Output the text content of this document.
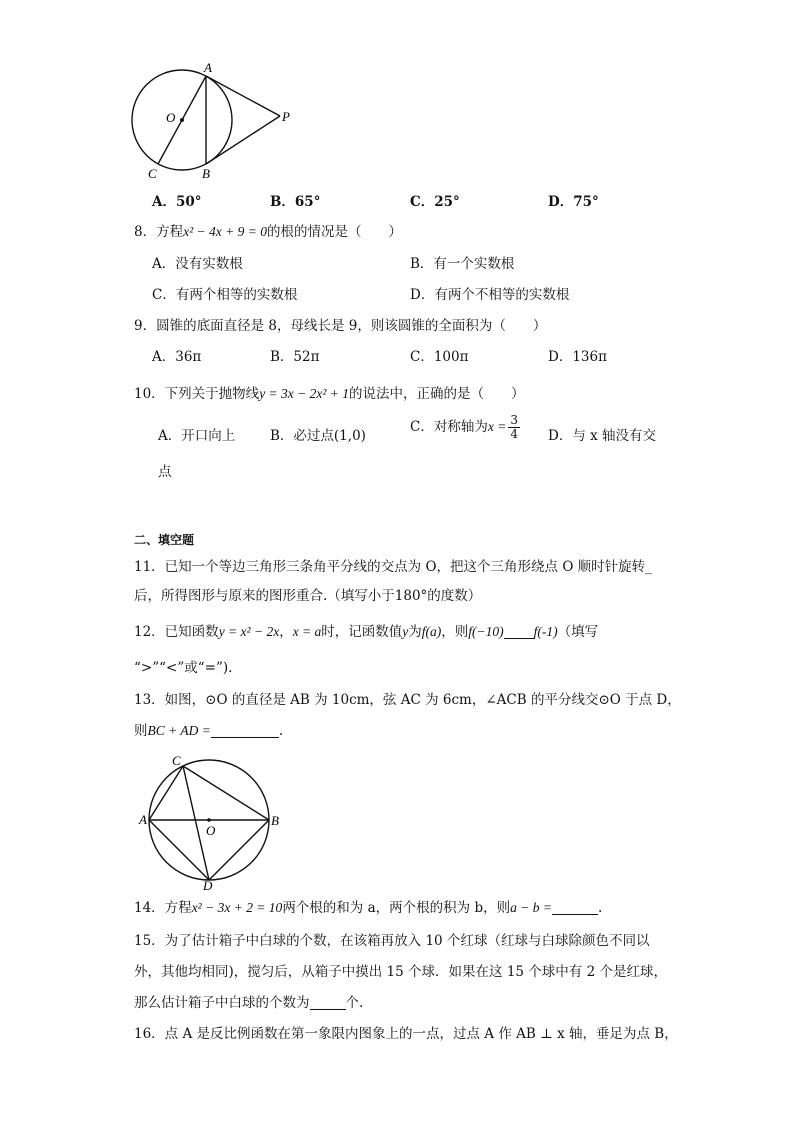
A
O	P
C	B
A．50°	B．65°	C．25°	D．75°
8．方程x² − 4x + 9 = 0的根的情况是（　　）
A．没有实数根	B．有一个实数根
C．有两个相等的实数根	D．有两个不相等的实数根
9．圆锥的底面直径是 8，母线长是 9，则该圆锥的全面积为（　　）
A．36π	B．52π	C．100π	D．136π
10．下列关于抛物线y = 3x − 2x² + 1的说法中，正确的是（　　）
A．开口向上	B．必过点(1,0)
C．对称轴为$x = \frac{3}{4}$ D．与 x 轴没有交
点
二、填空题
11．已知一个等边三角形三条角平分线的交点为 O，把这个三角形绕点 O 顺时针旋转_
后，所得图形与原来的图形重合.（填写小于180°的度数）
12．已知函数y = x² − 2x，x = a时，记函数值y为f(a)，则f(−10) f(-1)（填写
“>”“<”或“=”).
13．如图，⊙O 的直径是 AB 为 10cm，弦 AC 为 6cm，∠ACB 的平分线交⊙O 于点 D，
则BC + AD =	.
C
A
O
B
D
14．方程x² − 3x + 2 = 10两个根的和为 a，两个根的积为 b，则a − b =	.
15．为了估计箱子中白球的个数，在该箱再放入 10 个红球（红球与白球除颜色不同以
外，其他均相同)，搅匀后，从箱子中摸出 15 个球．如果在这 15 个球中有 2 个是红球，
那么估计箱子中白球的个数为	个.
16．点 A 是反比例函数在第一象限内图象上的一点，过点 A 作 AB ⊥ x 轴，垂足为点 B，
